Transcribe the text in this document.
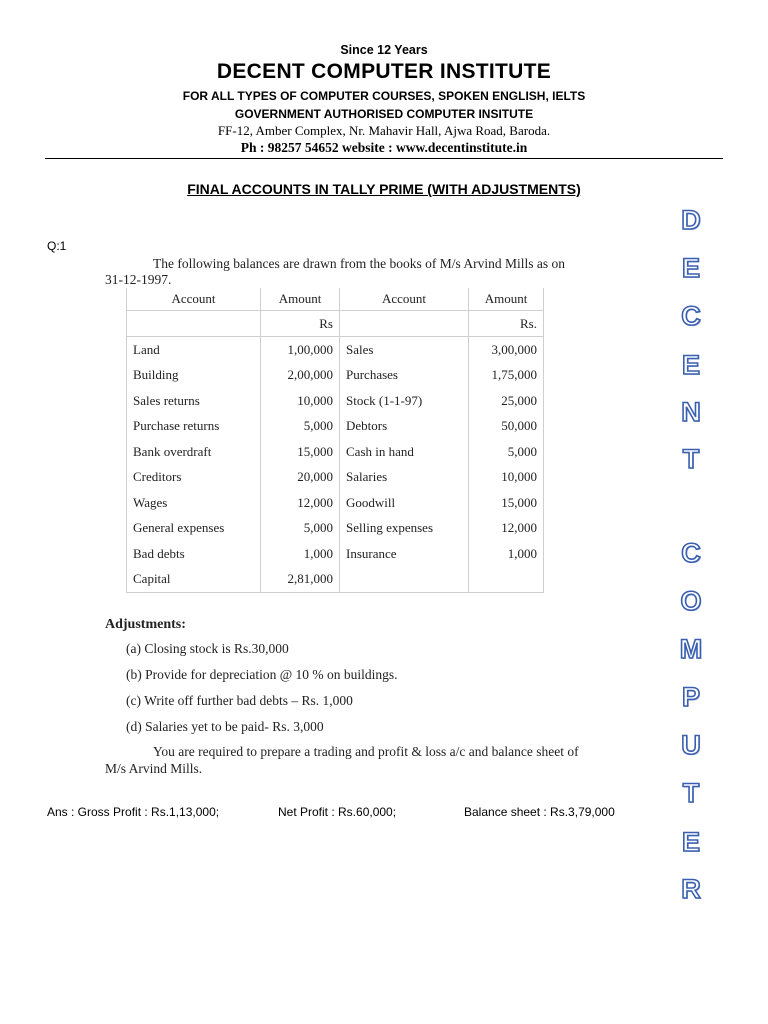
Since 12 Years
DECENT COMPUTER INSTITUTE
FOR ALL TYPES OF COMPUTER COURSES, SPOKEN ENGLISH, IELTS
GOVERNMENT AUTHORISED COMPUTER INSITUTE
FF-12, Amber Complex, Nr. Mahavir Hall, Ajwa Road, Baroda.
Ph : 98257 54652 website : www.decentinstitute.in
FINAL ACCOUNTS IN TALLY PRIME (WITH ADJUSTMENTS)
Q:1
The following balances are drawn from the books of M/s Arvind Mills as on
31-12-1997.
Account	Amount	Account	Amount
	Rs		Rs.
Land	1,00,000	Sales	3,00,000
Building	2,00,000	Purchases	1,75,000
Sales returns	10,000	Stock (1-1-97)	25,000
Purchase returns	5,000	Debtors	50,000
Bank overdraft	15,000	Cash in hand	5,000
Creditors	20,000	Salaries	10,000
Wages	12,000	Goodwill	15,000
General expenses	5,000	Selling expenses	12,000
Bad debts	1,000	Insurance	1,000
Capital	2,81,000		
Adjustments:
(a) Closing stock is Rs.30,000
(b) Provide for depreciation @ 10 % on buildings.
(c) Write off further bad debts – Rs. 1,000
(d) Salaries yet to be paid- Rs. 3,000
You are required to prepare a trading and profit & loss a/c and balance sheet of
M/s Arvind Mills.
Ans : Gross Profit : Rs.1,13,000;	Net Profit : Rs.60,000;	Balance sheet : Rs.3,79,000
D
E
C
E
N
T
C
O
M
P
U
T
E
R
